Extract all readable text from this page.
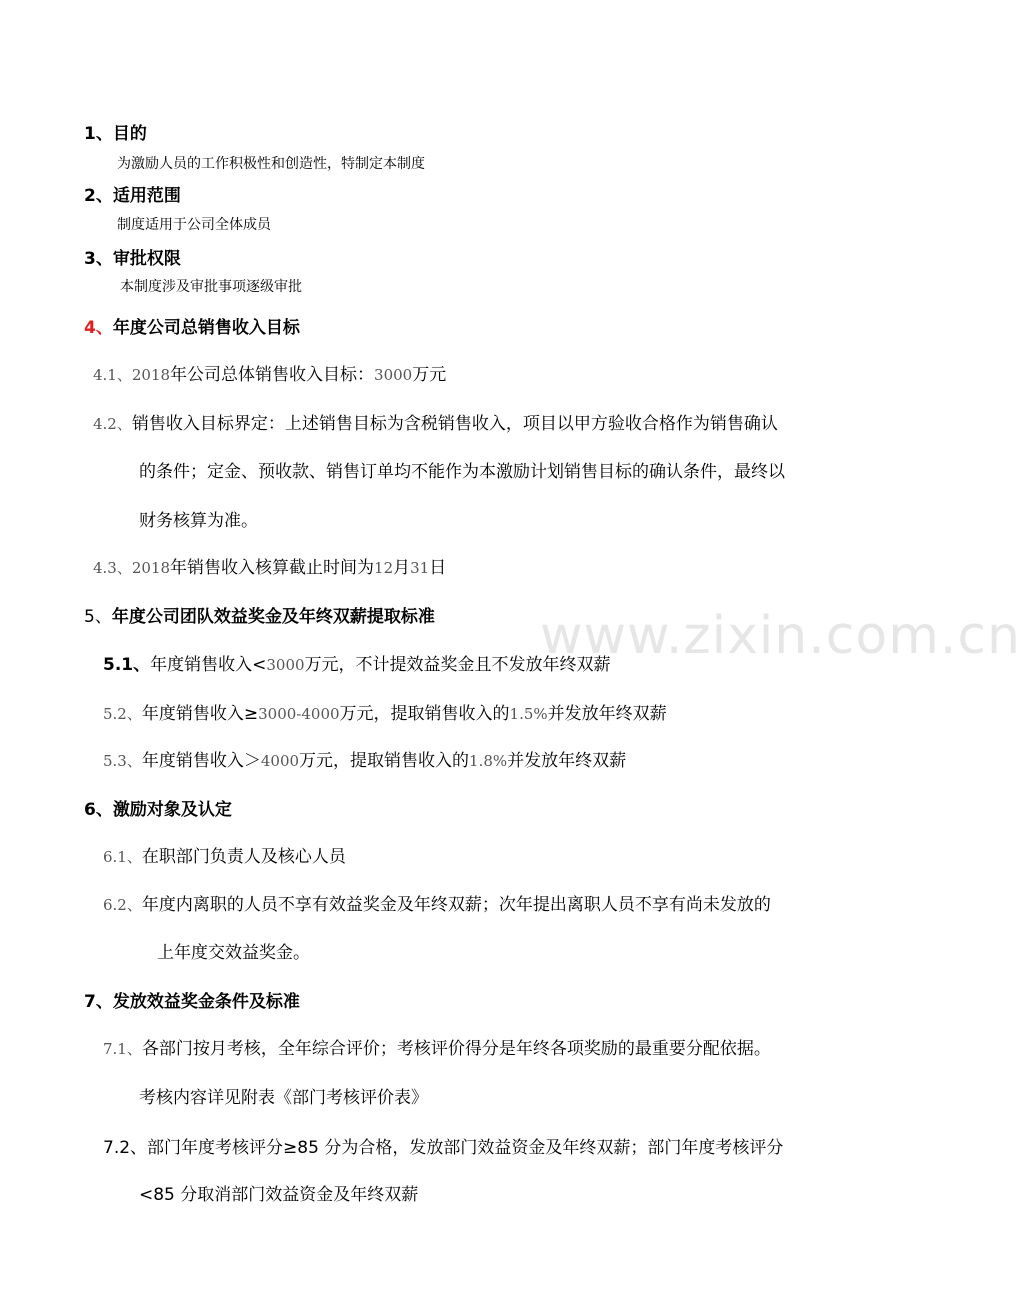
www.zixin.com.cn
1、目的
为激励人员的工作积极性和创造性，特制定本制度
2、适用范围
制度适用于公司全体成员
3、审批权限
本制度涉及审批事项逐级审批
4、年度公司总销售收入目标
4.1、2018年公司总体销售收入目标：3000万元
4.2、销售收入目标界定：上述销售目标为含税销售收入，项目以甲方验收合格作为销售确认
的条件；定金、预收款、销售订单均不能作为本激励计划销售目标的确认条件，最终以
财务核算为准。
4.3、2018年销售收入核算截止时间为12月31日
5、年度公司团队效益奖金及年终双薪提取标准
5.1、年度销售收入<3000万元，不计提效益奖金且不发放年终双薪
5.2、年度销售收入≥3000-4000万元，提取销售收入的1.5%并发放年终双薪
5.3、年度销售收入＞4000万元，提取销售收入的1.8%并发放年终双薪
6、激励对象及认定
6.1、在职部门负责人及核心人员
6.2、年度内离职的人员不享有效益奖金及年终双薪；次年提出离职人员不享有尚未发放的
上年度交效益奖金。
7、发放效益奖金条件及标准
7.1、各部门按月考核，全年综合评价；考核评价得分是年终各项奖励的最重要分配依据。
考核内容详见附表《部门考核评价表》
7.2、部门年度考核评分≥85 分为合格，发放部门效益资金及年终双薪；部门年度考核评分
<85 分取消部门效益资金及年终双薪
